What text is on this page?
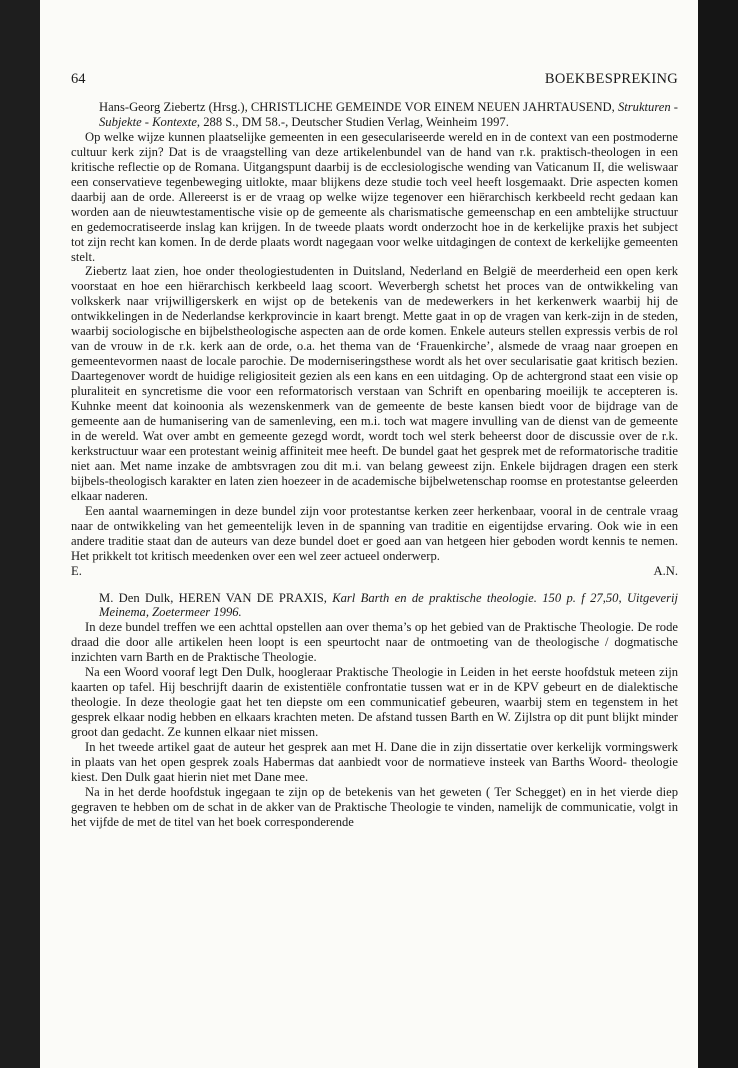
64	BOEKBESPREKING

Hans-Georg Ziebertz (Hrsg.), CHRISTLICHE GEMEINDE VOR EINEM NEUEN JAHRTAUSEND, Strukturen - Subjekte - Kontexte, 288 S., DM 58.-, Deutscher Studien Verlag, Weinheim 1997.

Op welke wijze kunnen plaatselijke gemeenten in een geseculariseerde wereld en in de context van een postmoderne cultuur kerk zijn? Dat is de vraagstelling van deze artikelenbundel van de hand van r.k. praktisch-theologen in een kritische reflectie op de Romana. Uitgangspunt daarbij is de ecclesiologische wending van Vaticanum II, die weliswaar een conservatieve tegenbeweging uitlokte, maar blijkens deze studie toch veel heeft losgemaakt. Drie aspecten komen daarbij aan de orde. Allereerst is er de vraag op welke wijze tegenover een hiërarchisch kerkbeeld recht gedaan kan worden aan de nieuwtestamentische visie op de gemeente als charismatische gemeenschap en een ambtelijke structuur en gedemocratiseerde inslag kan krijgen. In de tweede plaats wordt onderzocht hoe in de kerkelijke praxis het subject tot zijn recht kan komen. In de derde plaats wordt nagegaan voor welke uitdagingen de context de kerkelijke gemeenten stelt.

Ziebertz laat zien, hoe onder theologiestudenten in Duitsland, Nederland en België de meerderheid een open kerk voorstaat en hoe een hiërarchisch kerkbeeld laag scoort. Weverbergh schetst het proces van de ontwikkeling van volkskerk naar vrijwilligerskerk en wijst op de betekenis van de medewerkers in het kerkenwerk waarbij hij de ontwikkelingen in de Nederlandse kerkprovincie in kaart brengt. Mette gaat in op de vragen van kerk-zijn in de steden, waarbij sociologische en bijbelstheologische aspecten aan de orde komen. Enkele auteurs stellen expressis verbis de rol van de vrouw in de r.k. kerk aan de orde, o.a. het thema van de ‘Frauenkirche’, alsmede de vraag naar groepen en gemeentevormen naast de locale parochie. De moderniseringsthese wordt als het over secularisatie gaat kritisch bezien. Daartegenover wordt de huidige religiositeit gezien als een kans en een uitdaging. Op de achtergrond staat een visie op pluraliteit en syncretisme die voor een reformatorisch verstaan van Schrift en openbaring moeilijk te accepteren is. Kuhnke meent dat koinoonia als wezenskenmerk van de gemeente de beste kansen biedt voor de bijdrage van de gemeente aan de humanisering van de samenleving, een m.i. toch wat magere invulling van de dienst van de gemeente in de wereld. Wat over ambt en gemeente gezegd wordt, wordt toch wel sterk beheerst door de discussie over de r.k. kerkstructuur waar een protestant weinig affiniteit mee heeft. De bundel gaat het gesprek met de reformatorische traditie niet aan. Met name inzake de ambtsvragen zou dit m.i. van belang geweest zijn. Enkele bijdragen dragen een sterk bijbels-theologisch karakter en laten zien hoezeer in de academische bijbelwetenschap roomse en protestantse geleerden elkaar naderen.

Een aantal waarnemingen in deze bundel zijn voor protestantse kerken zeer herkenbaar, vooral in de centrale vraag naar de ontwikkeling van het gemeentelijk leven in de spanning van traditie en eigentijdse ervaring. Ook wie in een andere traditie staat dan de auteurs van deze bundel doet er goed aan van hetgeen hier geboden wordt kennis te nemen. Het prikkelt tot kritisch meedenken over een wel zeer actueel onderwerp.

E.	A.N.

M. Den Dulk, HEREN VAN DE PRAXIS, Karl Barth en de praktische theologie. 150 p. f 27,50, Uitgeverij Meinema, Zoetermeer 1996.

In deze bundel treffen we een achttal opstellen aan over thema’s op het gebied van de Praktische Theologie. De rode draad die door alle artikelen heen loopt is een speurtocht naar de ontmoeting van de theologische / dogmatische inzichten varn Barth en de Praktische Theologie.

Na een Woord vooraf legt Den Dulk, hoogleraar Praktische Theologie in Leiden in het eerste hoofdstuk meteen zijn kaarten op tafel. Hij beschrijft daarin de existentiële confrontatie tussen wat er in de KPV gebeurt en de dialektische theologie. In deze theologie gaat het ten diepste om een communicatief gebeuren, waarbij stem en tegenstem in het gesprek elkaar nodig hebben en elkaars krachten meten. De afstand tussen Barth en W. Zijlstra op dit punt blijkt minder groot dan gedacht. Ze kunnen elkaar niet missen.

In het tweede artikel gaat de auteur het gesprek aan met H. Dane die in zijn dissertatie over kerkelijk vormingswerk in plaats van het open gesprek zoals Habermas dat aanbiedt voor de normatieve insteek van Barths Woord- theologie kiest. Den Dulk gaat hierin niet met Dane mee.

Na in het derde hoofdstuk ingegaan te zijn op de betekenis van het geweten ( Ter Schegget) en in het vierde diep gegraven te hebben om de schat in de akker van de Praktische Theologie te vinden, namelijk de communicatie, volgt in het vijfde de met de titel van het boek corresponderende
